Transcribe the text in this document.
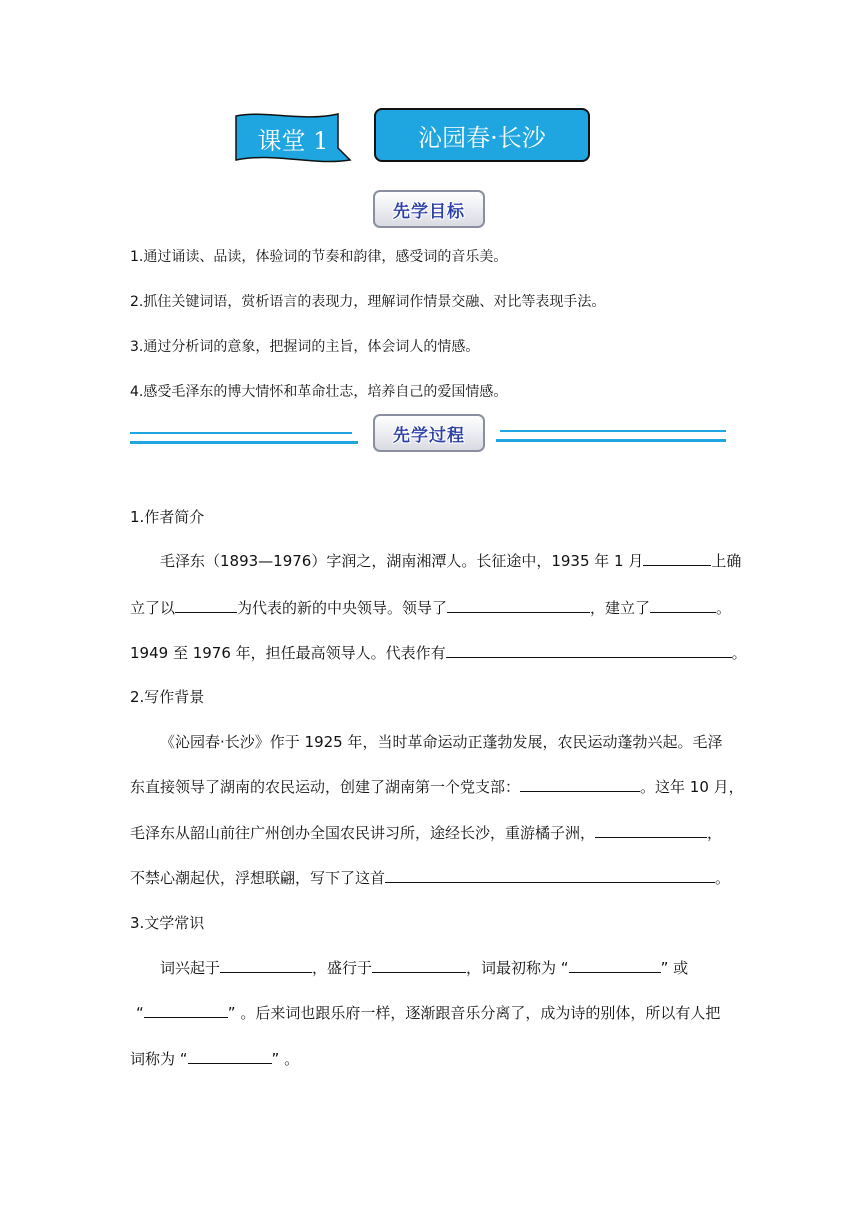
课堂 1	沁园春·长沙
先学目标
1.通过诵读、品读，体验词的节奏和韵律，感受词的音乐美。
2.抓住关键词语，赏析语言的表现力，理解词作情景交融、对比等表现手法。
3.通过分析词的意象，把握词的主旨，体会词人的情感。
4.感受毛泽东的博大情怀和革命壮志，培养自己的爱国情感。
先学过程
1.作者简介
毛泽东（1893—1976）字润之，湖南湘潭人。长征途中，1935 年 1 月	上确
立了以	为代表的新的中央领导。领导了	，建立了	。
1949 至 1976 年，担任最高领导人。代表作有	。
2.写作背景
《沁园春·长沙》作于 1925 年，当时革命运动正蓬勃发展，农民运动蓬勃兴起。毛泽
东直接领导了湖南的农民运动，创建了湖南第一个党支部：	。这年 10 月，
毛泽东从韶山前往广州创办全国农民讲习所，途经长沙，重游橘子洲，	，
不禁心潮起伏，浮想联翩，写下了这首	。
3.文学常识
词兴起于	，盛行于	，词最初称为 “	” 或
“	” 。后来词也跟乐府一样，逐渐跟音乐分离了，成为诗的别体，所以有人把
词称为 “	” 。
